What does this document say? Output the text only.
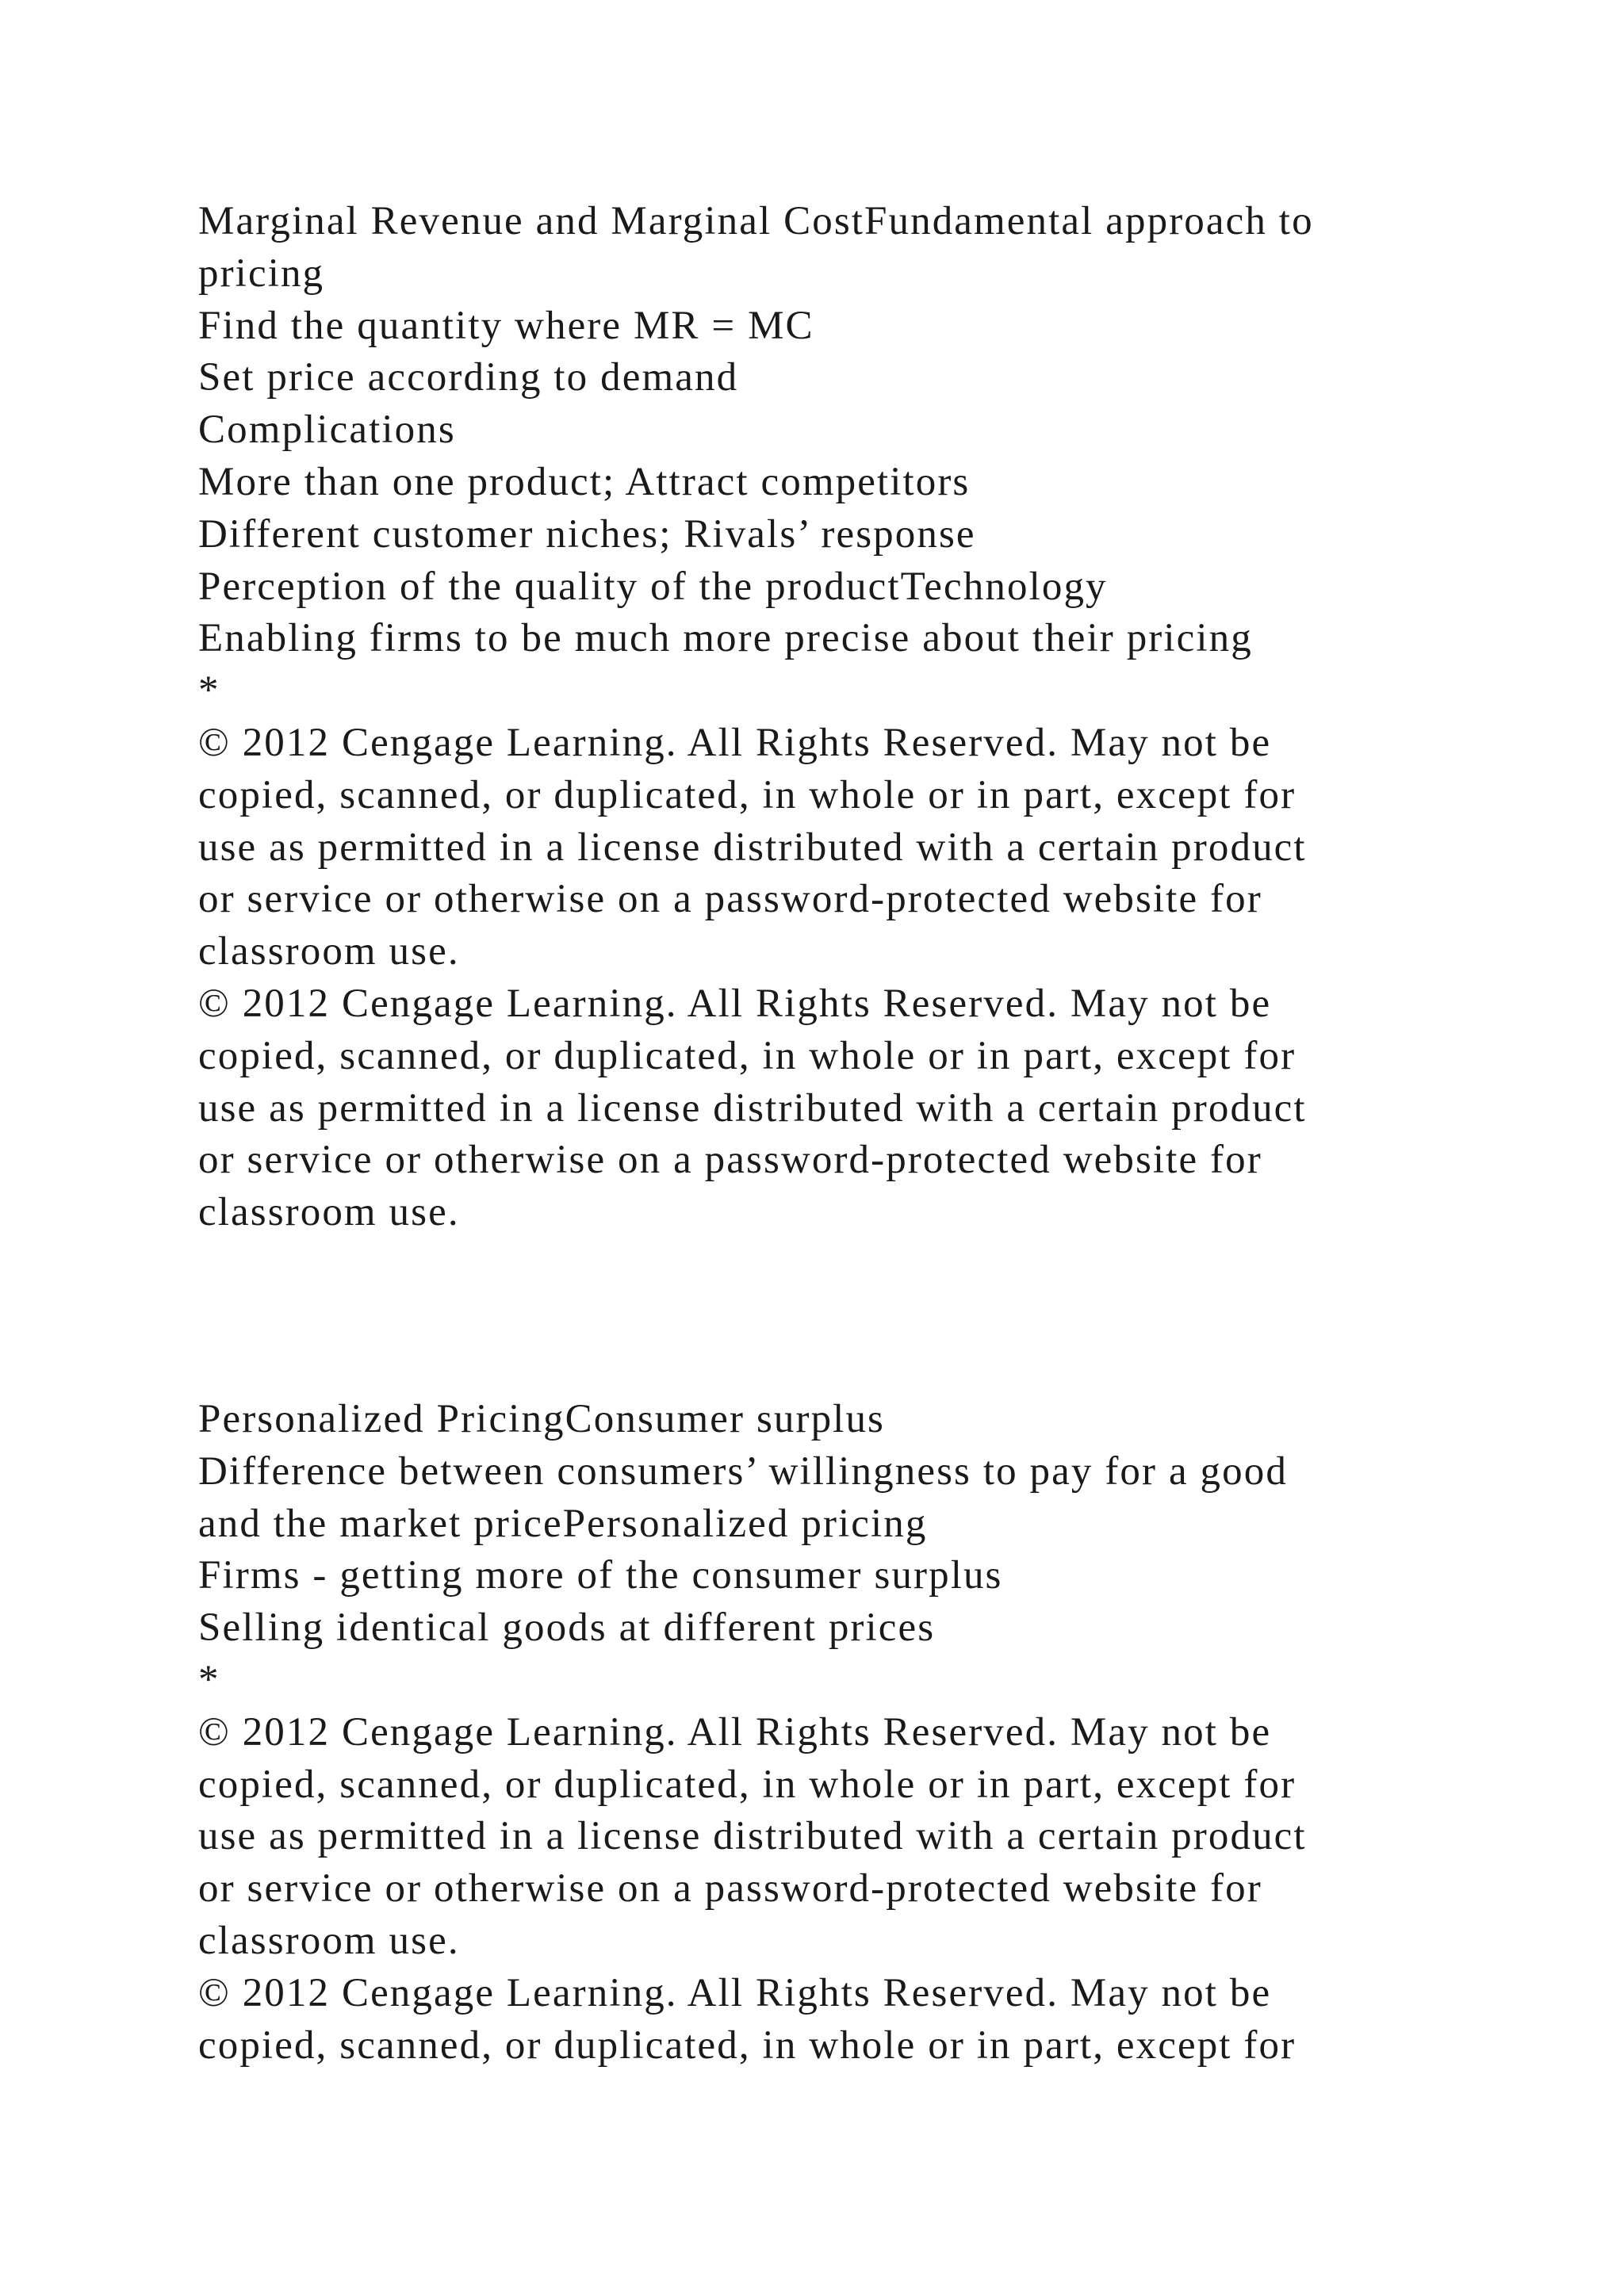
Marginal Revenue and Marginal CostFundamental approach to
pricing
Find the quantity where MR = MC
Set price according to demand
Complications
More than one product; Attract competitors
Different customer niches; Rivals’ response
Perception of the quality of the productTechnology
Enabling firms to be much more precise about their pricing
*
© 2012 Cengage Learning. All Rights Reserved. May not be
copied, scanned, or duplicated, in whole or in part, except for
use as permitted in a license distributed with a certain product
or service or otherwise on a password-protected website for
classroom use.
© 2012 Cengage Learning. All Rights Reserved. May not be
copied, scanned, or duplicated, in whole or in part, except for
use as permitted in a license distributed with a certain product
or service or otherwise on a password-protected website for
classroom use.
Personalized PricingConsumer surplus
Difference between consumers’ willingness to pay for a good
and the market pricePersonalized pricing
Firms - getting more of the consumer surplus
Selling identical goods at different prices
*
© 2012 Cengage Learning. All Rights Reserved. May not be
copied, scanned, or duplicated, in whole or in part, except for
use as permitted in a license distributed with a certain product
or service or otherwise on a password-protected website for
classroom use.
© 2012 Cengage Learning. All Rights Reserved. May not be
copied, scanned, or duplicated, in whole or in part, except for
